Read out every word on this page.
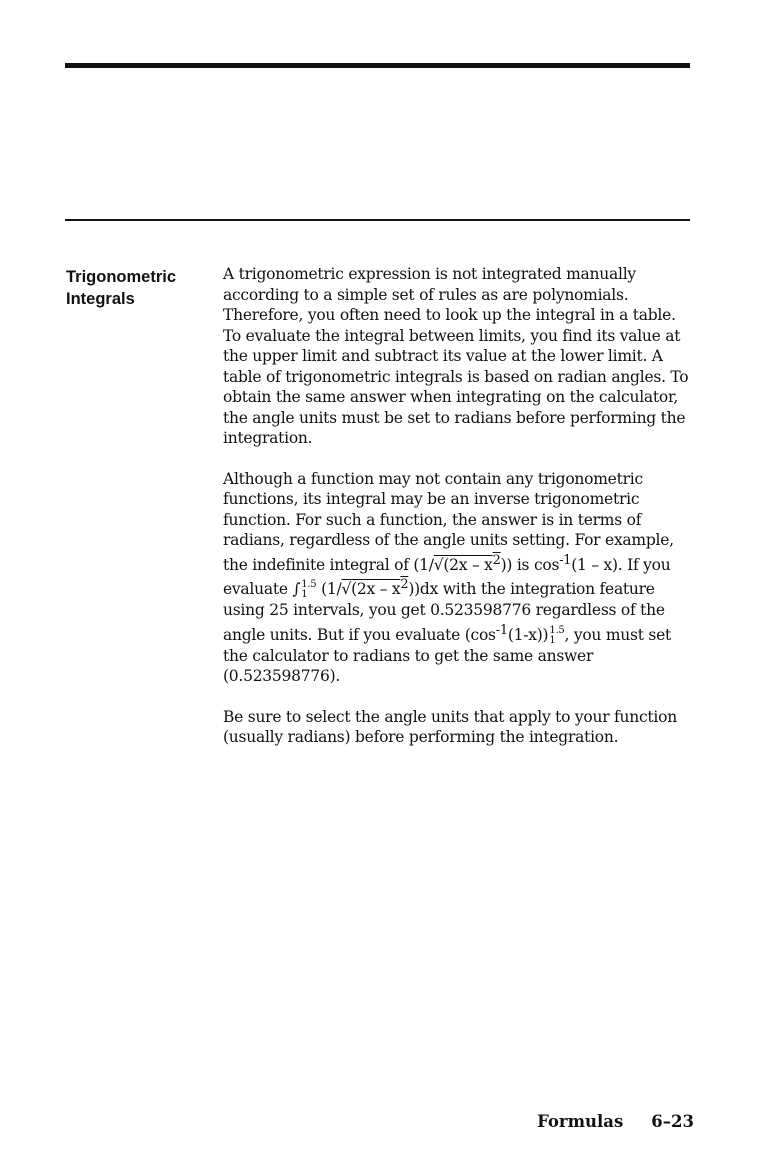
Trigonometric
Integrals

A trigonometric expression is not integrated manually according to a simple set of rules as are polynomials. Therefore, you often need to look up the integral in a table. To evaluate the integral between limits, you find its value at the upper limit and subtract its value at the lower limit. A table of trigonometric integrals is based on radian angles. To obtain the same answer when integrating on the calculator, the angle units must be set to radians before performing the integration.

Although a function may not contain any trigonometric functions, its integral may be an inverse trigonometric function. For such a function, the answer is in terms of radians, regardless of the angle units setting. For example, the indefinite integral of $(1/√(2x - x^2))$ is $\cos^{-1}(1 - x)$. If you evaluate ∫ 1.5
1 $(1/√(2x - x^2))dx$ with the integration feature using 25 intervals, you get 0.523598776 regardless of the angle units. But if you evaluate $(\cos^{-1}(1-x))$ 1.5
1 , you must set the calculator to radians to get the same answer (0.523598776).

Be sure to select the angle units that apply to your function (usually radians) before performing the integration.

Formulas 6–23
